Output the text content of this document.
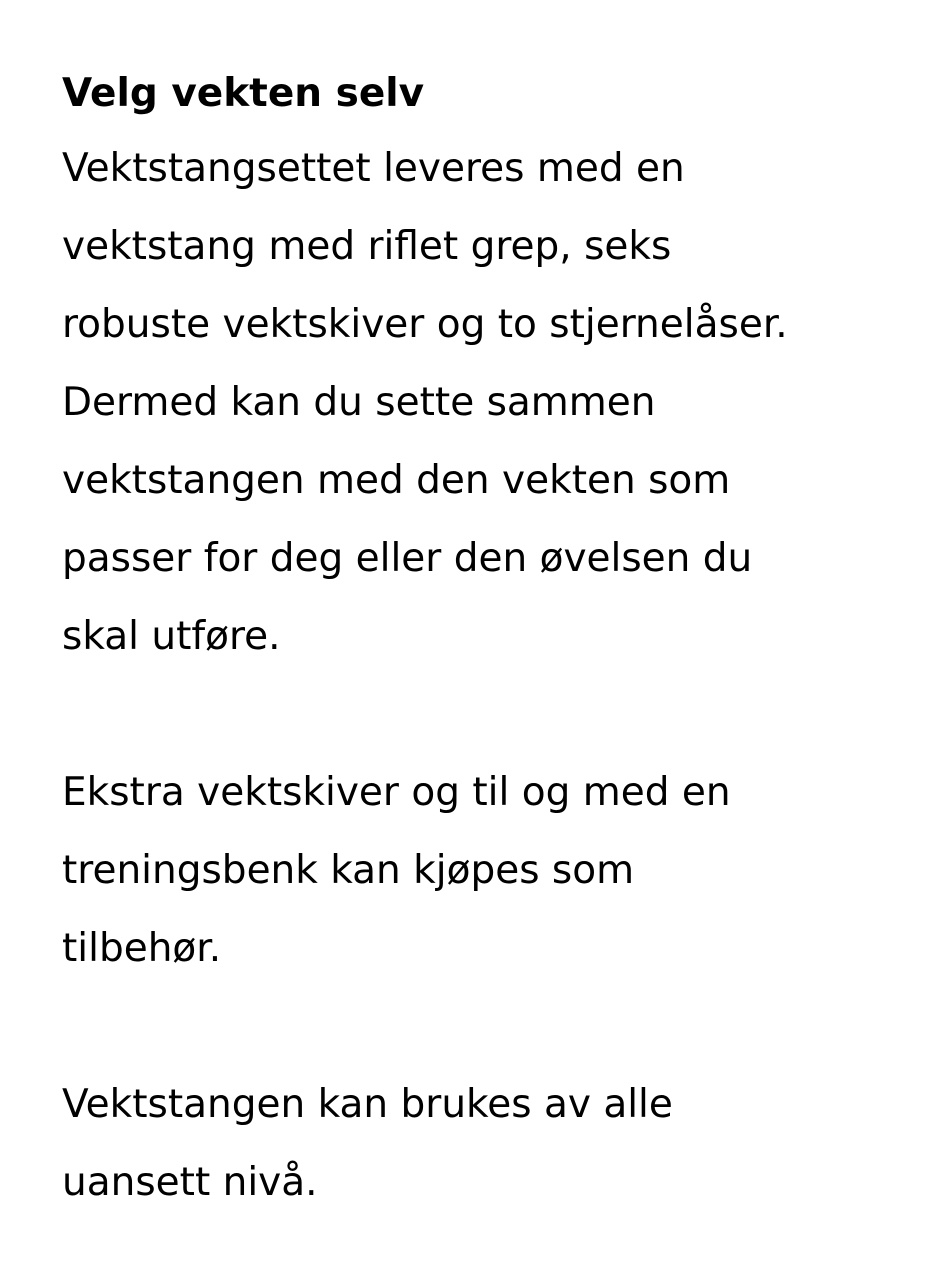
Velg vekten selv

Vektstangsettet leveres med en
vektstang med riflet grep, seks
robuste vektskiver og to stjernelåser.
Dermed kan du sette sammen
vektstangen med den vekten som
passer for deg eller den øvelsen du
skal utføre.

Ekstra vektskiver og til og med en
treningsbenk kan kjøpes som
tilbehør.

Vektstangen kan brukes av alle
uansett nivå.
